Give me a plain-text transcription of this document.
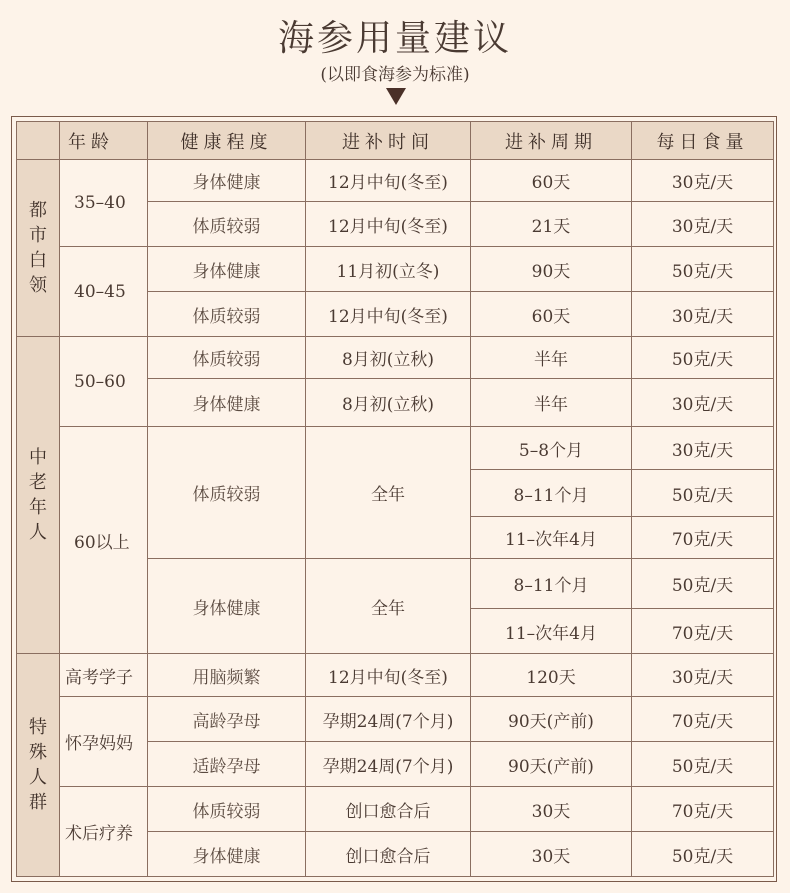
海参用量建议
(以即食海参为标准)
	年龄	健康程度	进补时间	进补周期	每日食量

都
市
白
领	35–40	身体健康	12月中旬(冬至)	60天	30克/天
		体质较弱	12月中旬(冬至)	21天	30克/天
	40–45	身体健康	11月初(立冬)	90天	50克/天
		体质较弱	12月中旬(冬至)	60天	30克/天

中
老
年
人	50–60	体质较弱	8月初(立秋)	半年	50克/天
		身体健康	8月初(立秋)	半年	30克/天
	60以上	体质较弱	全年	5–8个月	30克/天
				8–11个月	50克/天
				11–次年4月	70克/天
		身体健康	全年	8–11个月	50克/天
				11–次年4月	70克/天

特
殊
人
群	高考学子	用脑频繁	12月中旬(冬至)	120天	30克/天
	怀孕妈妈	高龄孕母	孕期24周(7个月)	90天(产前)	70克/天
		适龄孕母	孕期24周(7个月)	90天(产前)	50克/天
	术后疗养	体质较弱	创口愈合后	30天	70克/天
		身体健康	创口愈合后	30天	50克/天
